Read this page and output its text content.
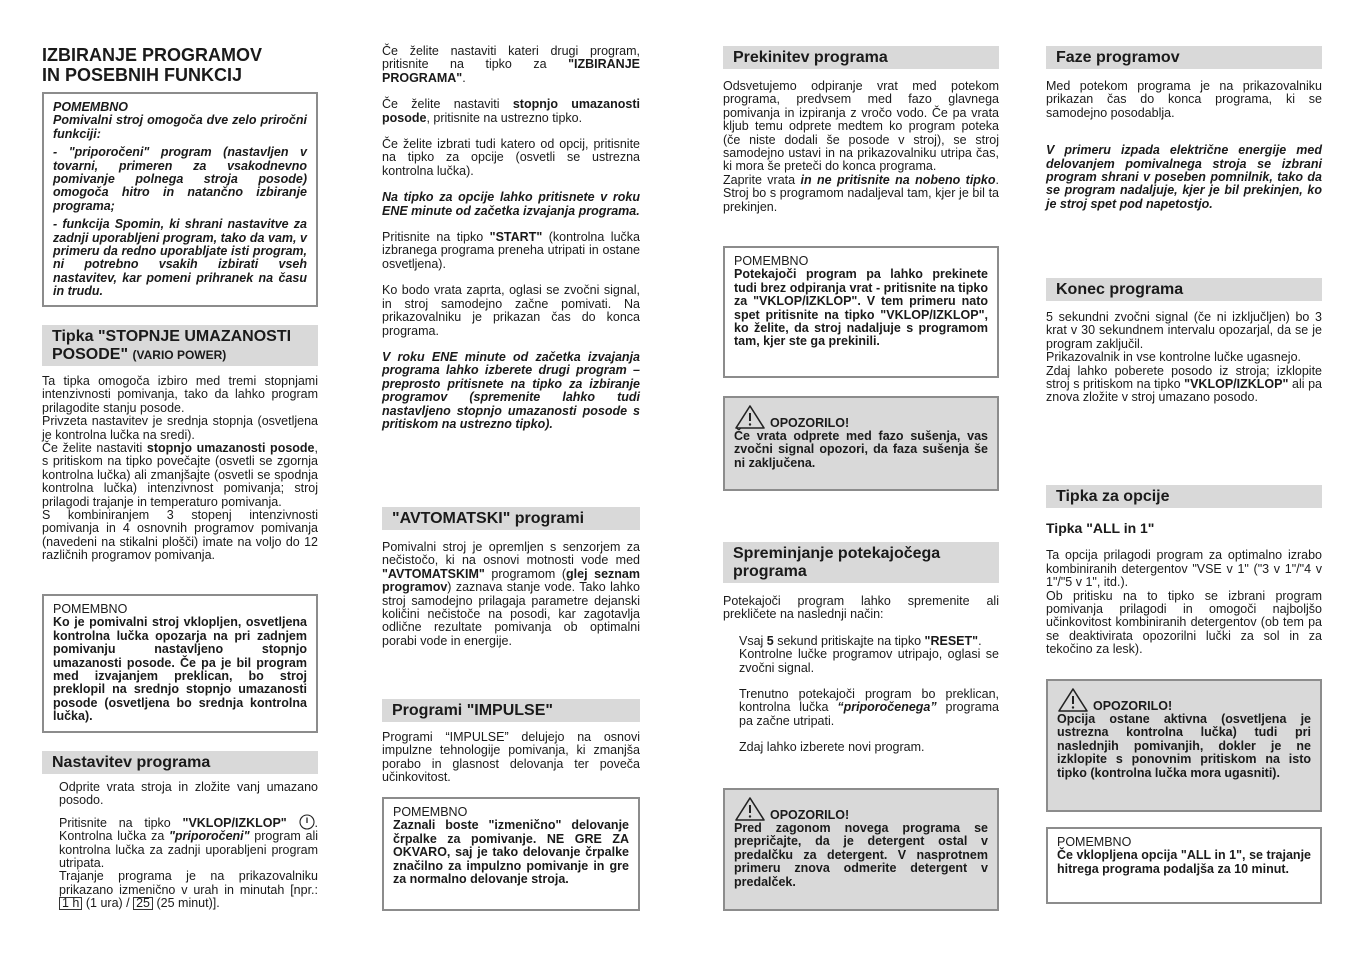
IZBIRANJE PROGRAMOV

IN POSEBNIH FUNKCIJ

POMEMBNO

Pomivalni stroj omogoča dve zelo priročni funkciji:

- "priporočeni" program (nastavljen v tovarni, primeren za vsakodnevno pomivanje polnega stroja posode) omogoča hitro in natančno izbiranje programa;

- funkcija Spomin, ki shrani nastavitve za zadnji uporabljeni program, tako da vam, v primeru da redno uporabljate isti program, ni potrebno vsakih izbirati vseh nastavitev, kar pomeni prihranek na času in trudu.

Tipka "STOPNJE UMAZANOSTI POSODE" (VARIO POWER)

Ta tipka omogoča izbiro med tremi stopnjami intenzivnosti pomivanja, tako da lahko program prilagodite stanju posode.

Privzeta nastavitev je srednja stopnja (osvetljena je kontrolna lučka na sredi).

Če želite nastaviti stopnjo umazanosti posode, s pritiskom na tipko povečajte (osvetli se zgornja kontrolna lučka) ali zmanjšajte (osvetli se spodnja kontrolna lučka) intenzivnost pomivanja; stroj prilagodi trajanje in temperaturo pomivanja.

S kombiniranjem 3 stopenj intenzivnosti pomivanja in 4 osnovnih programov pomivanja (navedeni na stikalni plošči) imate na voljo do 12 različnih programov pomivanja.

POMEMBNO

Ko je pomivalni stroj vklopljen, osvetljena kontrolna lučka opozarja na pri zadnjem pomivanju nastavljeno stopnjo umazanosti posode. Če pa je bil program med izvajanjem preklican, bo stroj preklopil na srednjo stopnjo umazanosti posode (osvetljena bo srednja kontrolna lučka).

Nastavitev programa

Odprite vrata stroja in zložite vanj umazano posodo.

Pritisnite na tipko "VKLOP/IZKLOP" . Kontrolna lučka za "priporočeni" program ali kontrolna lučka za zadnji uporabljeni program utripata.

Trajanje programa je na prikazovalniku prikazano izmenično v urah in minutah [npr.: 1 h (1 ura) / 25 (25 minut)].

Če želite nastaviti kateri drugi program, pritisnite na tipko za "IZBIRANJE PROGRAMA".

Če želite nastaviti stopnjo umazanosti posode, pritisnite na ustrezno tipko.

Če želite izbrati tudi katero od opcij, pritisnite na tipko za opcije (osvetli se ustrezna kontrolna lučka).

Na tipko za opcije lahko pritisnete v roku ENE minute od začetka izvajanja programa.

Pritisnite na tipko "START" (kontrolna lučka izbranega programa preneha utripati in ostane osvetljena).

Ko bodo vrata zaprta, oglasi se zvočni signal, in stroj samodejno začne pomivati. Na prikazovalniku je prikazan čas do konca programa.

V roku ENE minute od začetka izvajanja programa lahko izberete drugi program – preprosto pritisnete na tipko za izbiranje programov (spremenite lahko tudi nastavljeno stopnjo umazanosti posode s pritiskom na ustrezno tipko).

"AVTOMATSKI" programi

Pomivalni stroj je opremljen s senzorjem za nečistočo, ki na osnovi motnosti vode med "AVTOMATSKIM" programom (glej seznam programov) zaznava stanje vode. Tako lahko stroj samodejno prilagaja parametre dejanski količini nečistoče na posodi, kar zagotavlja odlične rezultate pomivanja ob optimalni porabi vode in energije.

Programi "IMPULSE"

Programi “IMPULSE” delujejo na osnovi impulzne tehnologije pomivanja, ki zmanjša porabo in glasnost delovanja ter poveča učinkovitost.

POMEMBNO

Zaznali boste "izmenično" delovanje črpalke za pomivanje. NE GRE ZA OKVARO, saj je tako delovanje črpalke značilno za impulzno pomivanje in gre za normalno delovanje stroja.

Prekinitev programa

Odsvetujemo odpiranje vrat med potekom programa, predvsem med fazo glavnega pomivanja in izpiranja z vročo vodo. Če pa vrata kljub temu odprete medtem ko program poteka (če niste dodali še posode v stroj), se stroj samodejno ustavi in na prikazovalniku utripa čas, ki mora še preteči do konca programa.

Zaprite vrata in ne pritisnite na nobeno tipko. Stroj bo s programom nadaljeval tam, kjer je bil ta prekinjen.

POMEMBNO

Potekajoči program pa lahko prekinete tudi brez odpiranja vrat - pritisnite na tipko za "VKLOP/IZKLOP". V tem primeru nato spet pritisnite na tipko "VKLOP/IZKLOP", ko želite, da stroj nadaljuje s programom tam, kjer ste ga prekinili.

OPOZORILO!

Če vrata odprete med fazo sušenja, vas zvočni signal opozori, da faza sušenja še ni zaključena.

Spreminjanje potekajočega programa

Potekajoči program lahko spremenite ali prekličete na naslednji način:

Vsaj 5 sekund pritiskajte na tipko "RESET".

Kontrolne lučke programov utripajo, oglasi se zvočni signal.

Trenutno potekajoči program bo preklican, kontrolna lučka “priporočenega” programa pa začne utripati.

Zdaj lahko izberete novi program.

OPOZORILO!

Pred zagonom novega programa se prepričajte, da je detergent ostal v predalčku za detergent. V nasprotnem primeru znova odmerite detergent v predalček.

Faze programov

Med potekom programa je na prikazovalniku prikazan čas do konca programa, ki se samodejno posodablja.

V primeru izpada električne energije med delovanjem pomivalnega stroja se izbrani program shrani v poseben pomnilnik, tako da se program nadaljuje, kjer je bil prekinjen, ko je stroj spet pod napetostjo.

Konec programa

5 sekundni zvočni signal (če ni izključljen) bo 3 krat v 30 sekundnem intervalu opozarjal, da se je program zaključil.

Prikazovalnik in vse kontrolne lučke ugasnejo.

Zdaj lahko poberete posodo iz stroja; izklopite stroj s pritiskom na tipko "VKLOP/IZKLOP" ali pa znova zložite v stroj umazano posodo.

Tipka za opcije

Tipka "ALL in 1"

Ta opcija prilagodi program za optimalno izrabo kombiniranih detergentov "VSE v 1" ("3 v 1"/"4 v 1"/"5 v 1", itd.).

Ob pritisku na to tipko se izbrani program pomivanja prilagodi in omogoči najboljšo učinkovitost kombiniranih detergentov (ob tem pa se deaktivirata opozorilni lučki za sol in za tekočino za lesk).

OPOZORILO!

Opcija ostane aktivna (osvetljena je ustrezna kontrolna lučka) tudi pri naslednjih pomivanjih, dokler je ne izklopite s ponovnim pritiskom na isto tipko (kontrolna lučka mora ugasniti).

POMEMBNO

Če vklopljena opcija "ALL in 1", se trajanje hitrega programa podaljša za 10 minut.
